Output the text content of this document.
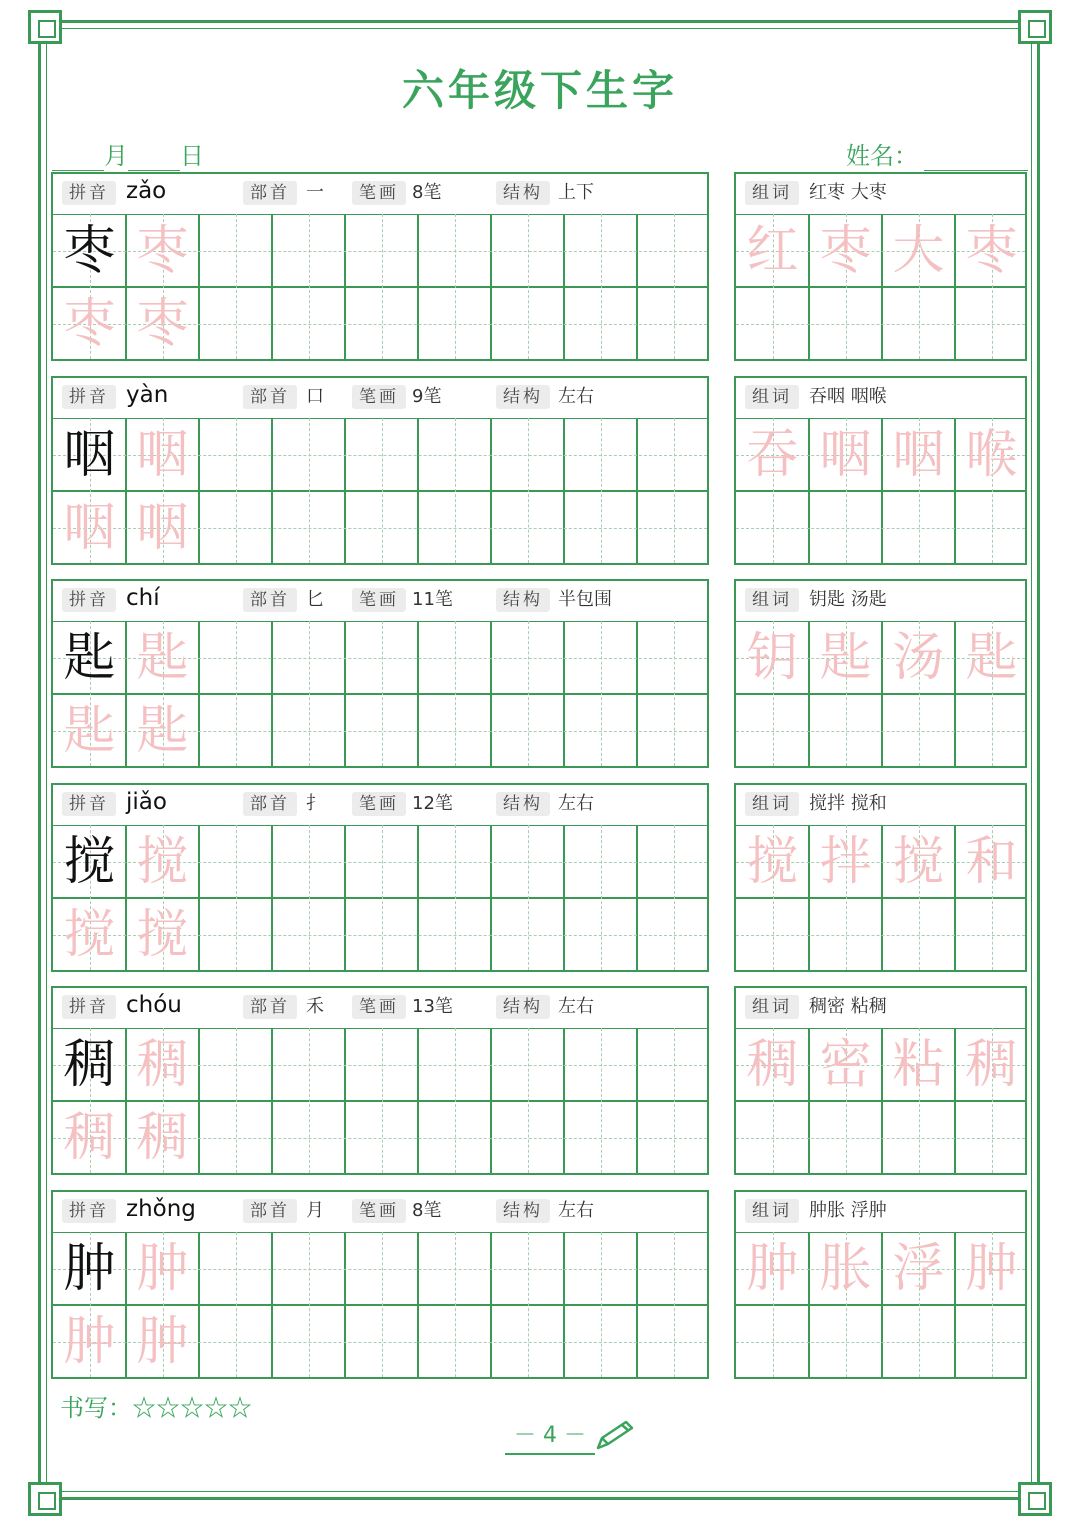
六年级下生字
月 日	姓名：
拼音 zǎo	部首 一	笔画 8笔	结构 上下
枣 枣
枣 枣
组词 红枣 大枣
红 枣 大 枣
拼音 yàn	部首 口	笔画 9笔	结构 左右
咽 咽
咽 咽
组词 吞咽 咽喉
吞 咽 咽 喉
拼音 chí	部首 匕	笔画 11笔	结构 半包围
匙 匙
匙 匙
组词 钥匙 汤匙
钥 匙 汤 匙
拼音 jiǎo	部首 扌	笔画 12笔	结构 左右
搅 搅
搅 搅
组词 搅拌 搅和
搅 拌 搅 和
拼音 chóu	部首 禾	笔画 13笔	结构 左右
稠 稠
稠 稠
组词 稠密 粘稠
稠 密 粘 稠
拼音 zhǒng	部首 月	笔画 8笔	结构 左右
肿 肿
肿 肿
组词 肿胀 浮肿
肿 胀 浮 肿
书写：☆☆☆☆☆
－ 4 －
